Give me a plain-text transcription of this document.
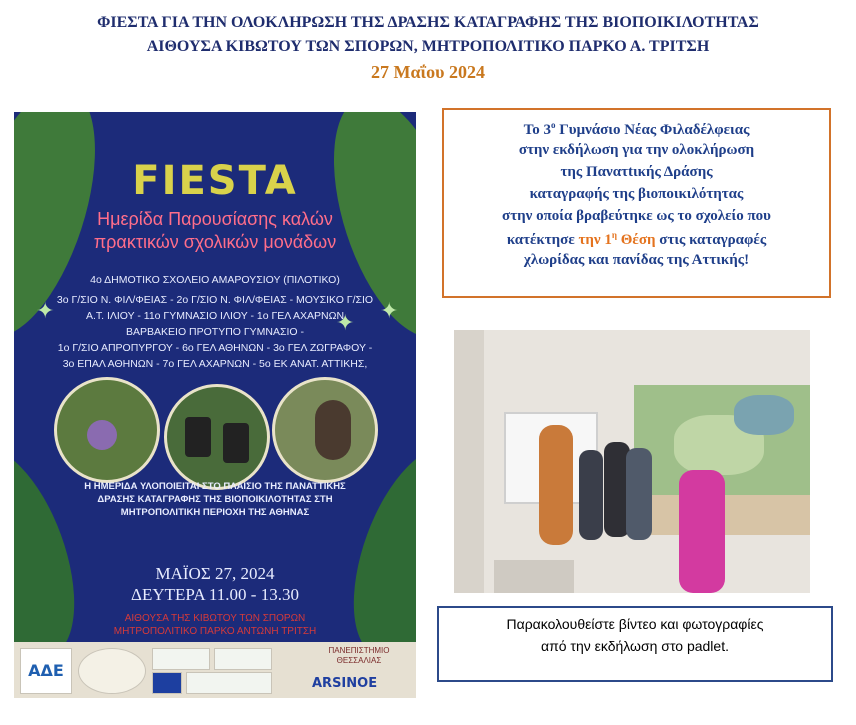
ΦΙΕΣΤΑ ΓΙΑ ΤΗΝ ΟΛΟΚΛΗΡΩΣΗ ΤΗΣ ΔΡΑΣΗΣ ΚΑΤΑΓΡΑΦΗΣ ΤΗΣ ΒΙΟΠΟΙΚΙΛΟΤΗΤΑΣ
ΑΙΘΟΥΣΑ ΚΙΒΩΤΟΥ ΤΩΝ ΣΠΟΡΩΝ, ΜΗΤΡΟΠΟΛΙΤΙΚΟ ΠΑΡΚΟ Α. ΤΡΙΤΣΗ
27 Μαΐου 2024
FIESTA
Ημερίδα Παρουσίασης καλών πρακτικών σχολικών μονάδων
4ο ΔΗΜΟΤΙΚΟ ΣΧΟΛΕΙΟ ΑΜΑΡΟΥΣΙΟΥ (ΠΙΛΟΤΙΚΟ)
3ο Γ/ΣΙΟ Ν. ΦΙΛ/ΦΕΙΑΣ - 2ο Γ/ΣΙΟ Ν. ΦΙΛ/ΦΕΙΑΣ - ΜΟΥΣΙΚΟ Γ/ΣΙΟ
Α.Τ. ΙΛΙΟΥ - 11ο ΓΥΜΝΑΣΙΟ ΙΛΙΟΥ - 1ο ΓΕΛ ΑΧΑΡΝΩΝ
ΒΑΡΒΑΚΕΙΟ ΠΡΟΤΥΠΟ ΓΥΜΝΑΣΙΟ -
1ο Γ/ΣΙΟ ΑΠΡΟΠΥΡΓΟΥ - 6ο ΓΕΛ ΑΘΗΝΩΝ - 3ο ΓΕΛ ΖΩΓΡΑΦΟΥ -
3ο ΕΠΑΛ ΑΘΗΝΩΝ - 7ο ΓΕΛ ΑΧΑΡΝΩΝ - 5ο ΕΚ ΑΝΑΤ. ΑΤΤΙΚΗΣ,
✦	✦ ✦
Η ΗΜΕΡΙΔΑ ΥΛΟΠΟΙΕΙΤΑΙ ΣΤΟ ΠΛΑΙΣΙΟ ΤΗΣ ΠΑΝΑΤΤΙΚΗΣ
ΔΡΑΣΗΣ ΚΑΤΑΓΡΑΦΗΣ ΤΗΣ ΒΙΟΠΟΙΚΙΛΟΤΗΤΑΣ ΣΤΗ
ΜΗΤΡΟΠΟΛΙΤΙΚΗ ΠΕΡΙΟΧΗ ΤΗΣ ΑΘΗΝΑΣ
ΜΑΪΟΣ 27, 2024
ΔΕΥΤΕΡΑ 11.00 - 13.30
ΑΙΘΟΥΣΑ ΤΗΣ ΚΙΒΩΤΟΥ ΤΩΝ ΣΠΟΡΩΝ
ΜΗΤΡΟΠΟΛΙΤΙΚΟ ΠΑΡΚΟ ΑΝΤΩΝΗ ΤΡΙΤΣΗ
ΑΔΕ
ΠΑΝΕΠΙΣΤΗΜΙΟ ΘΕΣΣΑΛΙΑΣ
ARSINOE
Το $3^o$ Γυμνάσιο Νέας Φιλαδέλφειας
στην εκδήλωση για την ολοκλήρωση
της Πανατtικής Δράσης
καταγραφής της βιοποικιλότητας
στην οποία βραβεύτηκε ως το σχολείο που
κατέκτησε την $1^\eta$ Θέση στις καταγραφές
χλωρίδας και πανίδας της Αττικής!
Παρακολουθείστε βίντεο και φωτογραφίες
από την εκδήλωση στο padlet.
